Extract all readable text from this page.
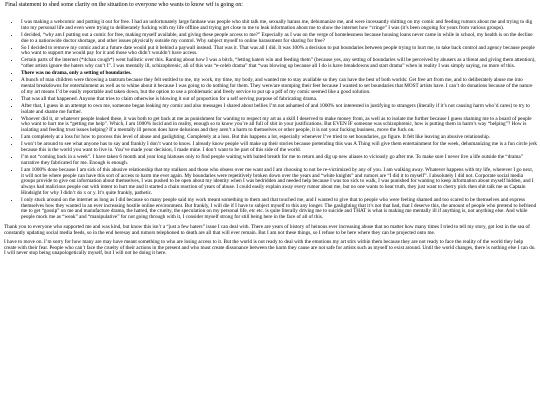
Final statement to shed some clarity on the situation to everyone who wants to know wtf is going on:
• I was making a webcomic and putting it out for free. I had an unfortunately large fanbase was people who shit talk me, sexually harass me, dehumanize me, and were incessantly shitting on my comic and feeding rumors about me and trying to dig into my personal life and even were trying to deliberately fucking with my life offline and trying get close to me to leak information about me to show the internet how “cringe” I was (it’s been ongoing for years from various groups).
• I decided, “why am I putting out a comic for free, making myself available, and giving these people access to me?” Especially as I was on the verge of homelessness because housing loans never came in while in school, my health is on the decline due to a nationwide doctor shortage, and other issues physically outside my control. Why subject myself to online harassment for sharing for free?
• So I decided to remove my comic and at a future date would put it behind a paywall instead. That was it. That was all I did. It was 100% a decision to put boundaries between people trying to hurt me, to take back control and agency because people who want to support me would pay for it and those who didn’t wouldn’t have access.
• Certain parts of the internet (*4chan cough*) went ballistic over this. Ranting about how I was a bitch, “letting haters win and feeding them” (because yes, any setting of boundaries will be perceived by abusers as a threat and giving them attention), “other artists ignore the haters why can’t I”. I was mentally ill, schizophrenic, all of this was “e-celeb drama” that “was blowing up because all I do is have breakdowns and start drama” when in reality I was simply saying, no more of this.
• There was no drama, only a setting of boundaries.
• A bunch of man children were throwing a tantrum because they felt entitled to me, my work, my time, my body, and wanted me to stay available so they can have the best of both worlds: Get free art from me, and to deliberately abuse me into mental breakdowns for entertainment as well as to whine about it because I was going to do nothing for them. They were/are stomping their feet because I wanted to set boundaries that MOST artists have. I can’t do donations because of the nature of my art means I’d be easily reportable and taken down, but the option to use a problematic and freely service to put up a pdf of my comic seemed like a good solution.
• That was all that happened. Anyone that tries to claim otherwise is blowing it out of proportion for a self serving purpose of fabricating drama.
• After that, I guess in an attempt to own me, someone began leaking my comic and also messages I shared about bellies I’m not ashamed of and 1000% not interested in justifying to strangers (literally if it’s not causing harm who’d cares) to try to isolate and shame me further.
• Whoever did it, or whatever people leaked these, it was both to get back at me as punishment for wanting to respect my art as a skill I deserved to make money from, as well as to isolate me further because I guess shaming me to a board of people who want to hurt me is “getting me help”. Which, I am 1000% lucid and in reality, enough so to know you’re all full of shit in your justifications. But EVEN IF someone was schizophrenic, how is putting them in harm’s way “helping”? How is isolating and feeding trust issues helping? If a mentally ill person does have delusions and they aren’t a harm to themselves or other people, it is not your fucking business, move the fuck on.
• I am completely at a loss for how to process this level of abuse and gaslighting. Completely at a loss. But this happens a lot, especially whenever I’ve tried to set boundaries, go figure. It felt like leaving an abusive relationship.
• I won’t be around to see what anyone has to say and frankly I don’t want to know. I already know people will make up their stories because pretending this was A Thing will give them entertainment for the week, dehumanizing me is a fun circle jerk because this is the world you want to live in. You’ve made your decision, I made mine. I don’t want to be part of this side of the world.
• I’m not “coming back in a week”. I have taken 6 month and year long hiatuses only to find people waiting with baited breath for me to return and dig up new aliases to viciously go after me. To make sure I never live a life outside the “drama” narrative they fabricated for me. Enough is enough.
• I am 1000% done because I am sick of this abusive relationship that my stalkers and those who obsess over me want and I am choosing to not be re-victimized by any of you. I am walking away. Whatever happens with my life, wherever I go next, it will not be where people can have this sort of access to harm me ever again. My boundaries were repetitively broken down over the years and “white knights” and rumors are “I did it to myself”. I absolutely I did not. Corporate social media groups provide to give out information about themselves, I was pushed to be open about my identity when I was bedridden and needed help because I was too sick to walk, I was punished for wanting to keep information about myself hidden, and I always had malicious people out with intent to hurt me and it started a chain reaction of years of abuse. I could easily explain away every rumor about me, but no one wants to hear truth, they just want to cherry pick then shit talk me as Captain Hindsight for why I didn’t do x or y. It’s quite frankly, pathetic.
• I only stuck around on the internet as long as I did because so many people said my work meant something to them and that touched me, and I wanted to give that to people who were feeling shamed and too scared to be themselves and express themselves how they wanted in an ever increasing hostile online environment. But frankly, I will die if I have to subject myself to this any longer. The gaslighting that it’s not that bad, that I deserve this, the amount of people who pretend to befriend me to get “gossip” on me and manufacture drama, the hatred, the cruelty, the speculation on my personal life, etc etc. is quite literally driving me to suicide and THAT is what is making me mentally ill if anything is, not anything else. And while people mock me as “weak” and “manipulative” for not going through with it, I consider myself strong for still being here in the face of all of this.

Thank you to everyone who supported me and was kind, but know this isn’t a “just a few haters” issue I can deal with. There are years of history of heinous ever increasing abuse that no matter how many times I tried to tell my story, got lost in the sea of constantly updating social media feeds, so in the end heresay and rumors telephoned to death are all that will ever remain. But I am not these things, so I refuse to be here where they can be projected onto me.

I have to move on. I’m sorry for how many are may have meant something to who are losing access to it. But the world is not ready to deal with the emotions my art stirs within them because they are not ready to face the reality of the world they help create with their fear. People who can’t face the cruelty of their actions in the present and who must create dissonance between the harm they cause are not safe for artists such as myself to exist around. Until the world changes, there is nothing else I can do. I will never stop being unapologetically myself, but I will not be doing it here.
